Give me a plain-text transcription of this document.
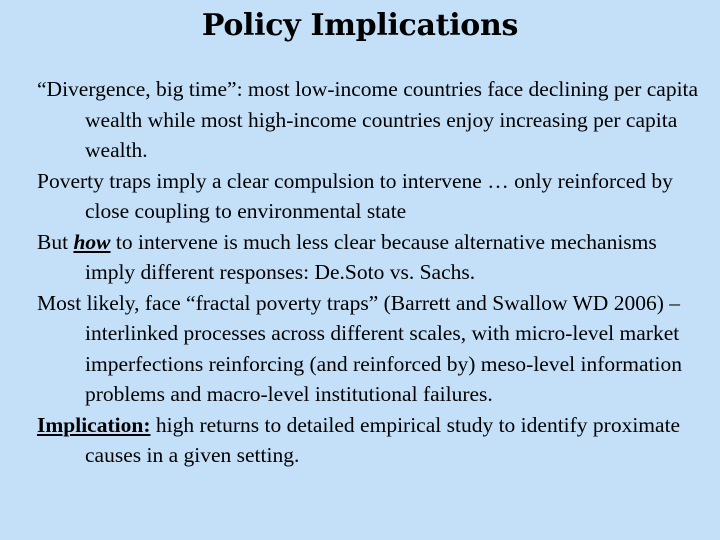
Policy Implications

“Divergence, big time”: most low-income countries face declining per capita wealth while most high-income countries enjoy increasing per capita wealth.

Poverty traps imply a clear compulsion to intervene … only reinforced by close coupling to environmental state

But how to intervene is much less clear because alternative mechanisms imply different responses: De.Soto vs. Sachs.

Most likely, face “fractal poverty traps” (Barrett and Swallow WD 2006) – interlinked processes across different scales, with micro-level market imperfections reinforcing (and reinforced by) meso-level information problems and macro-level institutional failures.

Implication: high returns to detailed empirical study to identify proximate causes in a given setting.
